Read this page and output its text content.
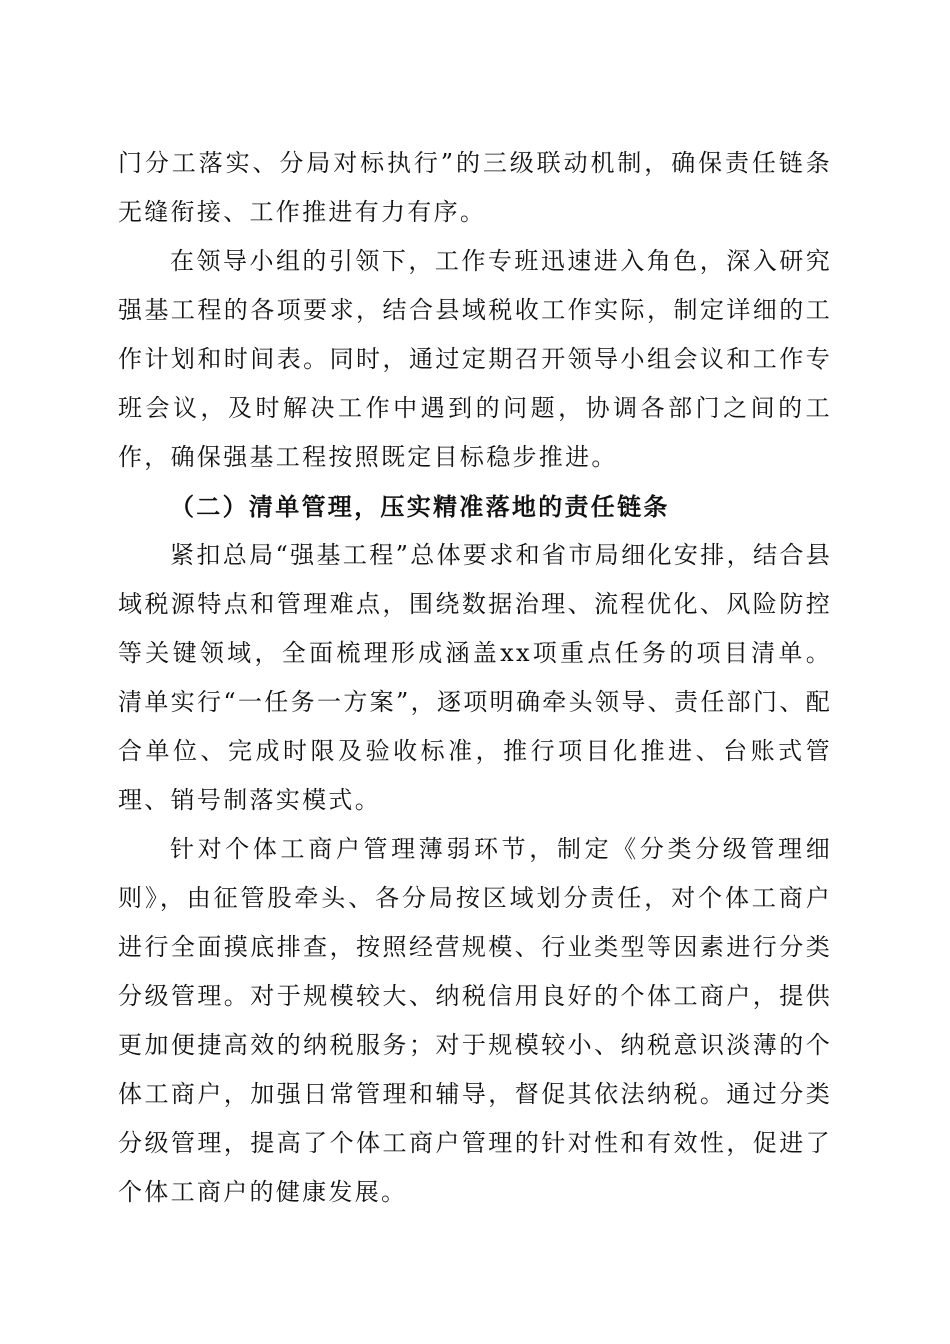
门分工落实、分局对标执行”的三级联动机制，确保责任链条无缝衔接、工作推进有力有序。

在领导小组的引领下，工作专班迅速进入角色，深入研究强基工程的各项要求，结合县域税收工作实际，制定详细的工作计划和时间表。同时，通过定期召开领导小组会议和工作专班会议，及时解决工作中遇到的问题，协调各部门之间的工作，确保强基工程按照既定目标稳步推进。

（二）清单管理，压实精准落地的责任链条

紧扣总局“强基工程”总体要求和省市局细化安排，结合县域税源特点和管理难点，围绕数据治理、流程优化、风险防控等关键领域，全面梳理形成涵盖xx项重点任务的项目清单。清单实行“一任务一方案”，逐项明确牵头领导、责任部门、配合单位、完成时限及验收标准，推行项目化推进、台账式管理、销号制落实模式。

针对个体工商户管理薄弱环节，制定《分类分级管理细则》，由征管股牵头、各分局按区域划分责任，对个体工商户进行全面摸底排查，按照经营规模、行业类型等因素进行分类分级管理。对于规模较大、纳税信用良好的个体工商户，提供更加便捷高效的纳税服务；对于规模较小、纳税意识淡薄的个体工商户，加强日常管理和辅导，督促其依法纳税。通过分类分级管理，提高了个体工商户管理的针对性和有效性，促进了个体工商户的健康发展。
